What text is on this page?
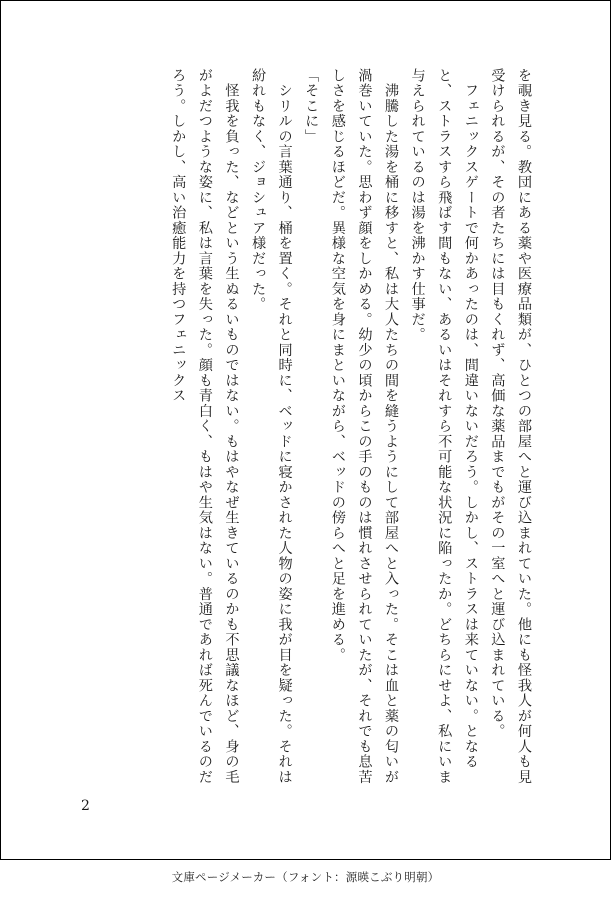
を覗き見る。教団にある薬や医療品類が、ひとつの部屋へと運び込まれていた。他にも怪我人が何人も見受けられるが、その者たちには目もくれず、高価な薬品までもがその一室へと運び込まれている。

　フェニックスゲートで何かあったのは、間違いないだろう。しかし、ストラスは来ていない。となると、ストラスすら飛ばす間もない、あるいはそれすら不可能な状況に陥ったか。どちらにせよ、私にいま与えられているのは湯を沸かす仕事だ。

　沸騰した湯を桶に移すと、私は大人たちの間を縫うようにして部屋へと入った。そこは血と薬の匂いが渦巻いていた。思わず顔をしかめる。幼少の頃からこの手のものは慣れさせられていたが、それでも息苦しさを感じるほどだ。異様な空気を身にまといながら、ベッドの傍らへと足を進める。

「そこに」

　シリルの言葉通り、桶を置く。それと同時に、ベッドに寝かされた人物の姿に我が目を疑った。それは紛れもなく、ジョシュア様だった。

　怪我を負った、などという生ぬるいものではない。もはやなぜ生きているのかも不思議なほど、身の毛がよだつような姿に、私は言葉を失った。顔も青白く、もはや生気はない。普通であれば死んでいるのだろう。しかし、高い治癒能力を持つフェニックス

2
文庫ページメーカー（フォント：源暎こぶり明朝）
